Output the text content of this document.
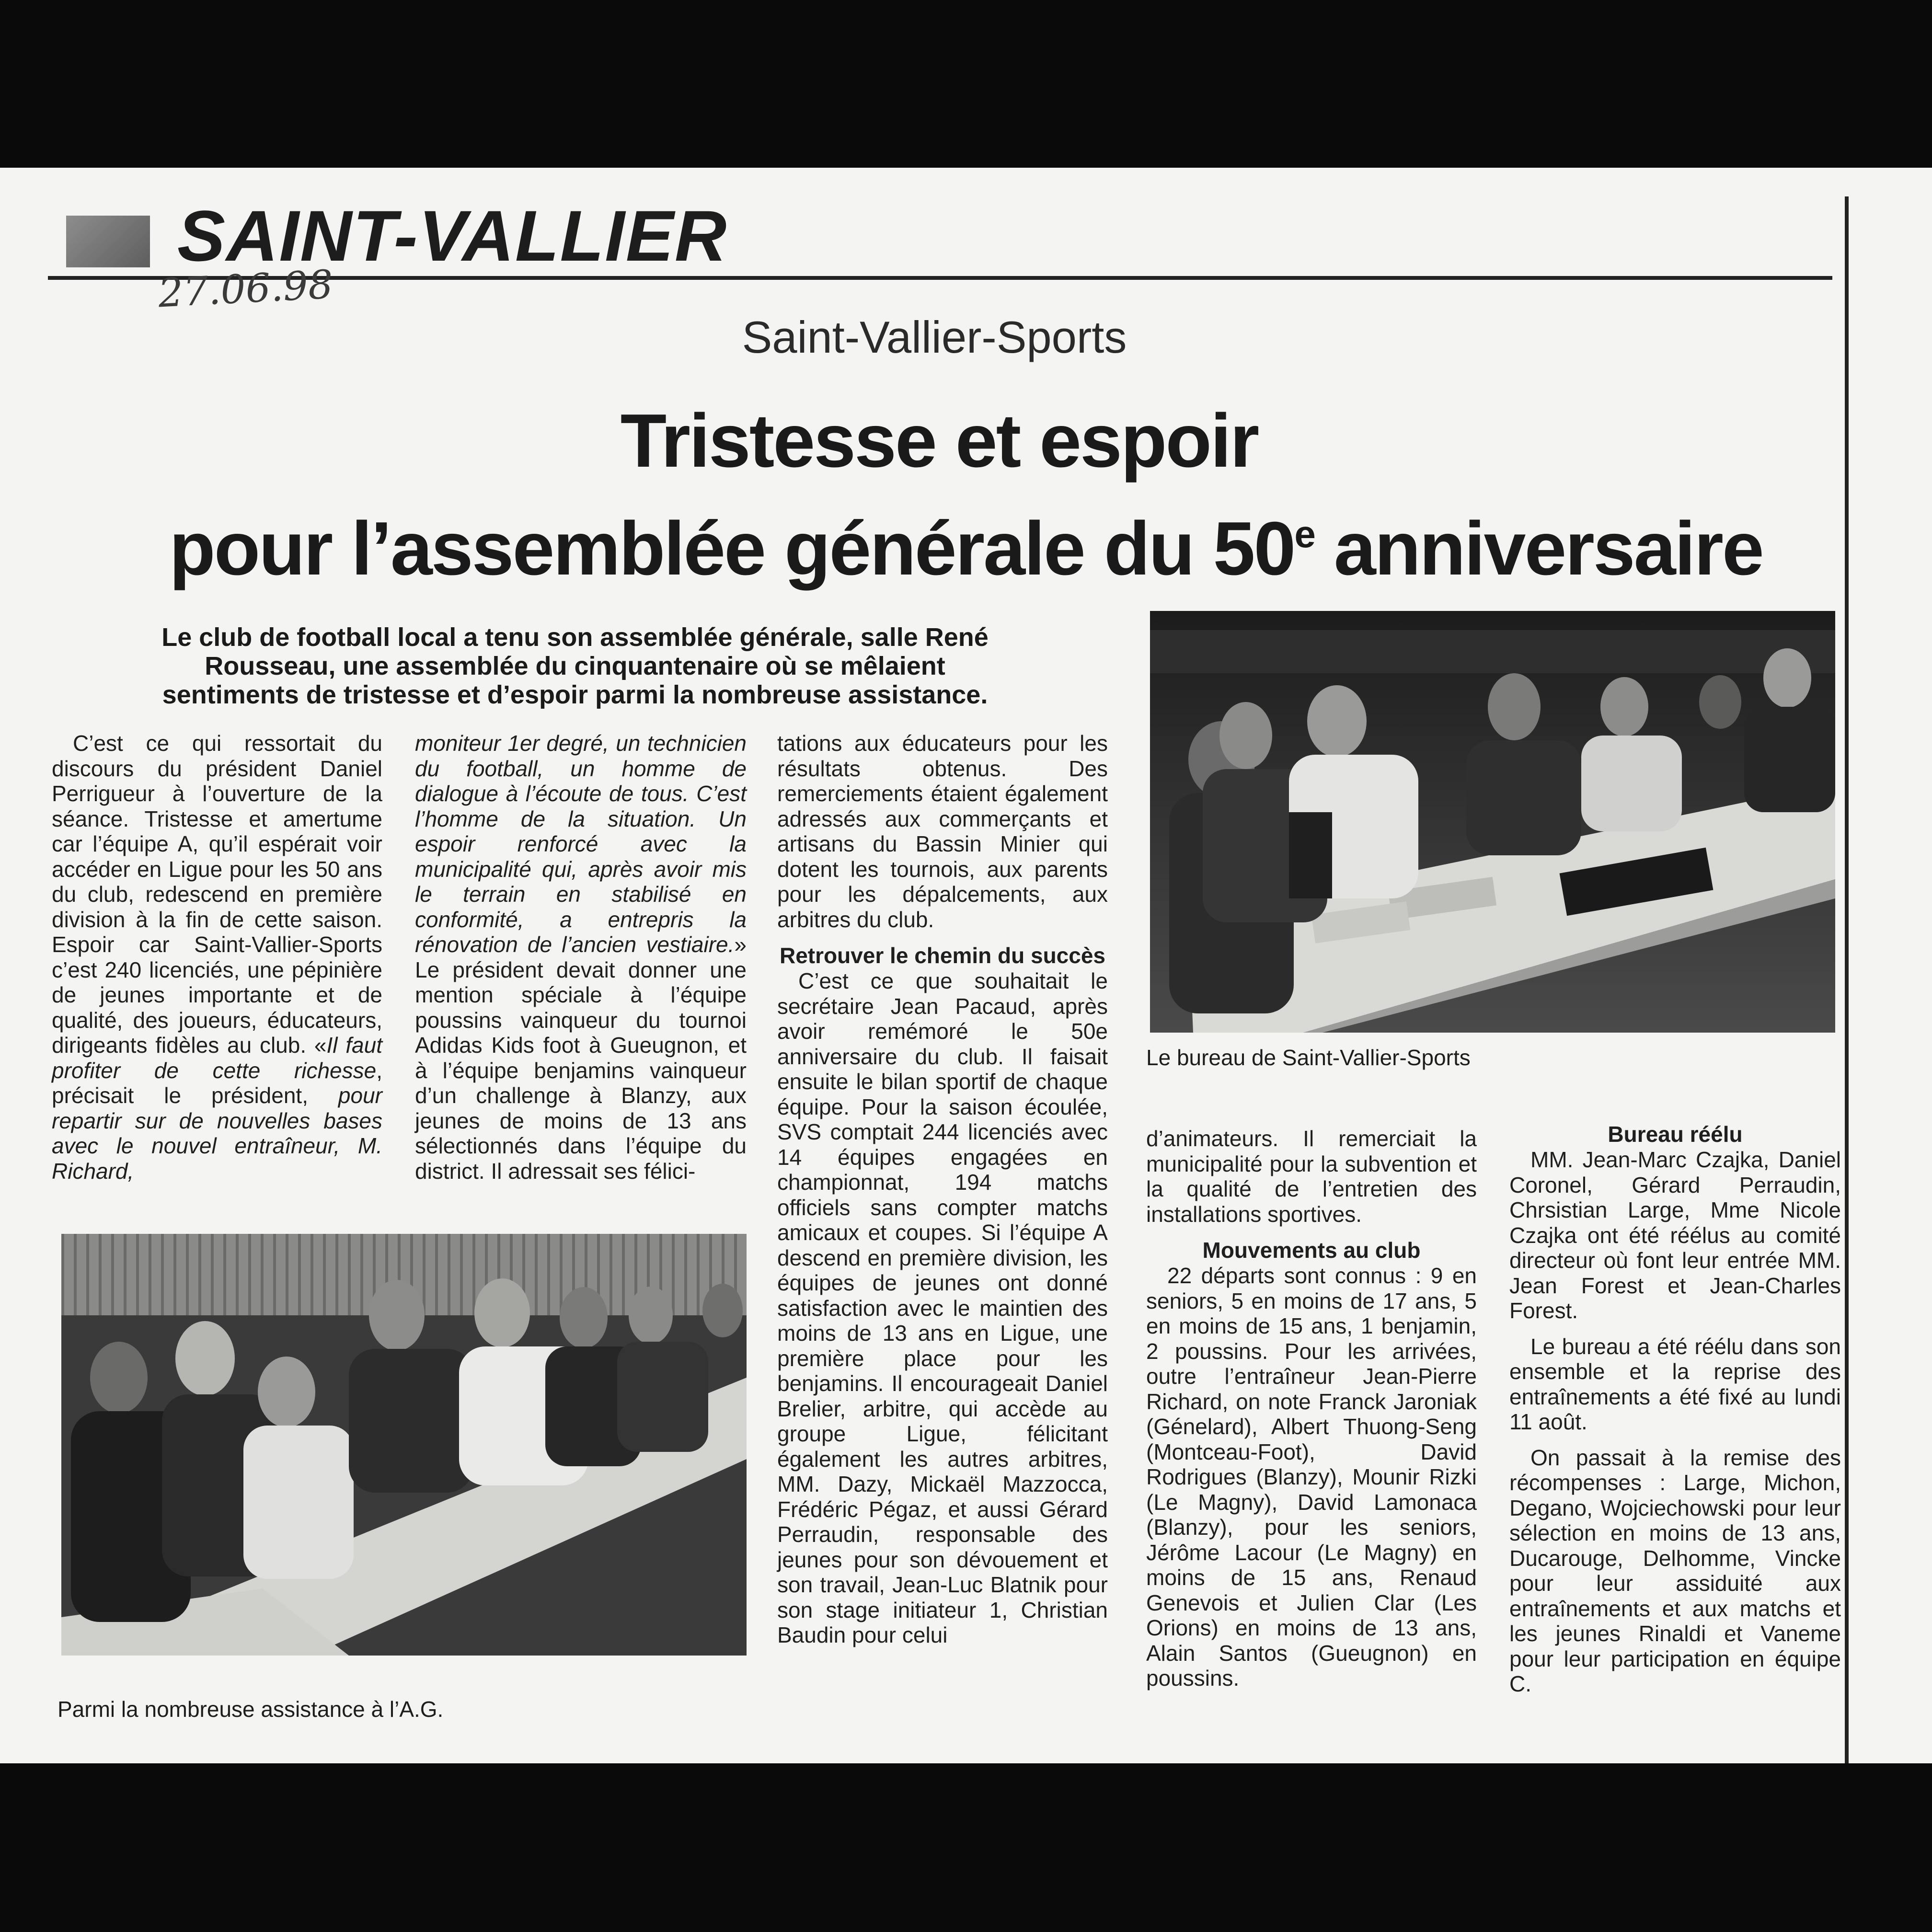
SAINT-VALLIER
27.06.98
Saint-Vallier-Sports
Tristesse et espoir
pour l’assemblée générale du 50e anniversaire
Le club de football local a tenu son assemblée générale, salle René Rousseau, une assemblée du cinquantenaire où se mêlaient sentiments de tristesse et d’espoir parmi la nombreuse assistance.
Le bureau de Saint-Vallier-Sports
Parmi la nombreuse assistance à l’A.G.

C’est ce qui ressortait du discours du président Daniel Perrigueur à l’ouverture de la séance. Tristesse et amertume car l’équipe A, qu’il espérait voir accéder en Ligue pour les 50 ans du club, redescend en première division à la fin de cette saison. Espoir car Saint-Vallier-Sports c’est 240 licenciés, une pépinière de jeunes importante et de qualité, des joueurs, éducateurs, dirigeants fidèles au club. «Il faut profiter de cette richesse, précisait le président, pour repartir sur de nouvelles bases avec le nouvel entraîneur, M. Richard,

moniteur 1er degré, un technicien du football, un homme de dialogue à l’écoute de tous. C’est l’homme de la situation. Un espoir renforcé avec la municipalité qui, après avoir mis le terrain en stabilisé en conformité, a entrepris la rénovation de l’ancien vestiaire.» Le président devait donner une mention spéciale à l’équipe poussins vainqueur du tournoi Adidas Kids foot à Gueugnon, et à l’équipe benjamins vainqueur d’un challenge à Blanzy, aux jeunes de moins de 13 ans sélectionnés dans l’équipe du district. Il adressait ses félici-

tations aux éducateurs pour les résultats obtenus. Des remerciements étaient également adressés aux commerçants et artisans du Bassin Minier qui dotent les tournois, aux parents pour les dépalcements, aux arbitres du club.

Retrouver le chemin du succès

C’est ce que souhaitait le secrétaire Jean Pacaud, après avoir remémoré le 50e anniversaire du club. Il faisait ensuite le bilan sportif de chaque équipe. Pour la saison écoulée, SVS comptait 244 licenciés avec 14 équipes engagées en championnat, 194 matchs officiels sans compter matchs amicaux et coupes. Si l’équipe A descend en première division, les équipes de jeunes ont donné satisfaction avec le maintien des moins de 13 ans en Ligue, une première place pour les benjamins. Il encourageait Daniel Brelier, arbitre, qui accède au groupe Ligue, félicitant également les autres arbitres, MM. Dazy, Mickaël Mazzocca, Frédéric Pégaz, et aussi Gérard Perraudin, responsable des jeunes pour son dévouement et son travail, Jean-Luc Blatnik pour son stage initiateur 1, Christian Baudin pour celui

d’animateurs. Il remerciait la municipalité pour la subvention et la qualité de l’entretien des installations sportives.

Mouvements au club

22 départs sont connus : 9 en seniors, 5 en moins de 17 ans, 5 en moins de 15 ans, 1 benjamin, 2 poussins. Pour les arrivées, outre l’entraîneur Jean-Pierre Richard, on note Franck Jaroniak (Génelard), Albert Thuong-Seng (Montceau-Foot), David Rodrigues (Blanzy), Mounir Rizki (Le Magny), David Lamonaca (Blanzy), pour les seniors, Jérôme Lacour (Le Magny) en moins de 15 ans, Renaud Genevois et Julien Clar (Les Orions) en moins de 13 ans, Alain Santos (Gueugnon) en poussins.

Bureau réélu

MM. Jean-Marc Czajka, Daniel Coronel, Gérard Perraudin, Chrsistian Large, Mme Nicole Czajka ont été réélus au comité directeur où font leur entrée MM. Jean Forest et Jean-Charles Forest.

Le bureau a été réélu dans son ensemble et la reprise des entraînements a été fixé au lundi 11 août.

On passait à la remise des récompenses : Large, Michon, Degano, Wojciechowski pour leur sélection en moins de 13 ans, Ducarouge, Delhomme, Vincke pour leur assiduité aux entraînements et aux matchs et les jeunes Rinaldi et Vaneme pour leur participation en équipe C.
